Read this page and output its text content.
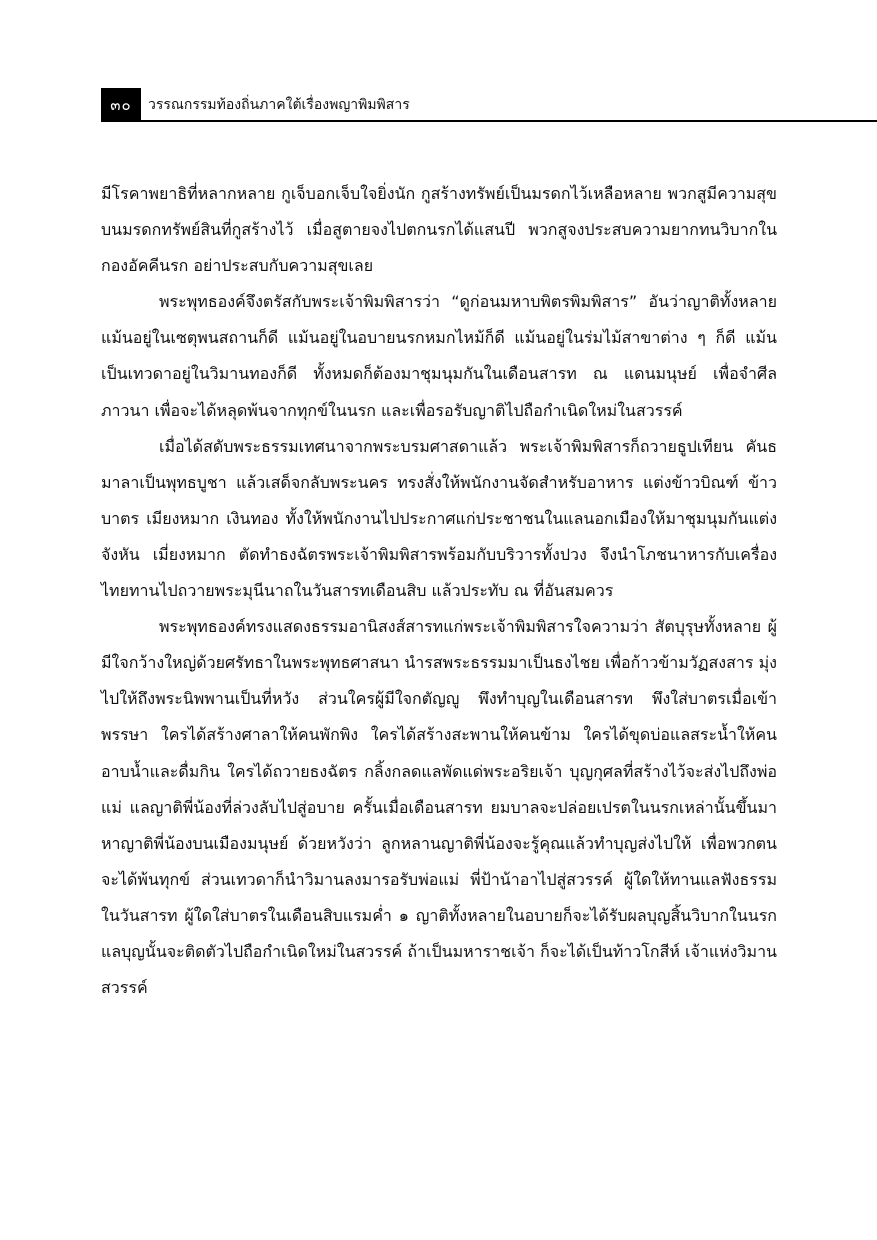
๓๐	วรรณกรรมท้องถิ่นภาคใต้เรื่องพญาพิมพิสาร

มีโรคาพยาธิที่หลากหลาย กูเจ็บอกเจ็บใจยิ่งนัก กูสร้างทรัพย์เป็นมรดกไว้เหลือหลาย พวกสูมีความสุขบนมรดกทรัพย์สินที่กูสร้างไว้ เมื่อสูตายจงไปตกนรกได้แสนปี พวกสูจงประสบความยากทนวิบากในกองอัคคีนรก อย่าประสบกับความสุขเลย

พระพุทธองค์จึงตรัสกับพระเจ้าพิมพิสารว่า “ดูก่อนมหาบพิตรพิมพิสาร” อันว่าญาติทั้งหลาย แม้นอยู่ในเซตุพนสถานก็ดี แม้นอยู่ในอบายนรกหมกไหม้ก็ดี แม้นอยู่ในร่มไม้สาขาต่าง ๆ ก็ดี แม้นเป็นเทวดาอยู่ในวิมานทองก็ดี ทั้งหมดก็ต้องมาชุมนุมกันในเดือนสารท ณ แดนมนุษย์ เพื่อจำศีลภาวนา เพื่อจะได้หลุดพ้นจากทุกข์ในนรก และเพื่อรอรับญาติไปถือกำเนิดใหม่ในสวรรค์

เมื่อได้สดับพระธรรมเทศนาจากพระบรมศาสดาแล้ว พระเจ้าพิมพิสารก็ถวายธูปเทียน คันธมาลาเป็นพุทธบูชา แล้วเสด็จกลับพระนคร ทรงสั่งให้พนักงานจัดสำหรับอาหาร แต่งข้าวบิณฑ์ ข้าวบาตร เมียงหมาก เงินทอง ทั้งให้พนักงานไปประกาศแก่ประชาชนในแลนอกเมืองให้มาชุมนุมกันแต่งจังหัน เมี่ยงหมาก ตัดทำธงฉัตรพระเจ้าพิมพิสารพร้อมกับบริวารทั้งปวง จึงนำโภชนาหารกับเครื่องไทยทานไปถวายพระมุนีนาถในวันสารทเดือนสิบ แล้วประทับ ณ ที่อันสมควร

พระพุทธองค์ทรงแสดงธรรมอานิสงส์สารทแก่พระเจ้าพิมพิสารใจความว่า สัตบุรุษทั้งหลาย ผู้มีใจกว้างใหญ่ด้วยศรัทธาในพระพุทธศาสนา นำรสพระธรรมมาเป็นธงไชย เพื่อก้าวข้ามวัฏสงสาร มุ่งไปให้ถึงพระนิพพานเป็นที่หวัง ส่วนใครผู้มีใจกตัญญู พึงทำบุญในเดือนสารท พึงใส่บาตรเมื่อเข้าพรรษา ใครได้สร้างศาลาให้คนพักพิง ใครได้สร้างสะพานให้คนข้าม ใครได้ขุดบ่อแลสระน้ำให้คนอาบน้ำและดื่มกิน ใครได้ถวายธงฉัตร กลิ้งกลดแลพัดแด่พระอริยเจ้า บุญกุศลที่สร้างไว้จะส่งไปถึงพ่อแม่ แลญาติพี่น้องที่ล่วงลับไปสู่อบาย ครั้นเมื่อเดือนสารท ยมบาลจะปล่อยเปรตในนรกเหล่านั้นขึ้นมาหาญาติพี่น้องบนเมืองมนุษย์ ด้วยหวังว่า ลูกหลานญาติพี่น้องจะรู้คุณแล้วทำบุญส่งไปให้ เพื่อพวกตนจะได้พ้นทุกข์ ส่วนเทวดาก็นำวิมานลงมารอรับพ่อแม่ พี่ป้าน้าอาไปสู่สวรรค์ ผู้ใดให้ทานแลฟังธรรมในวันสารท ผู้ใดใส่บาตรในเดือนสิบแรมค่ำ ๑ ญาติทั้งหลายในอบายก็จะได้รับผลบุญสิ้นวิบากในนรก แลบุญนั้นจะติดตัวไปถือกำเนิดใหม่ในสวรรค์ ถ้าเป็นมหาราชเจ้า ก็จะได้เป็นท้าวโกสีห์ เจ้าแห่งวิมานสวรรค์
